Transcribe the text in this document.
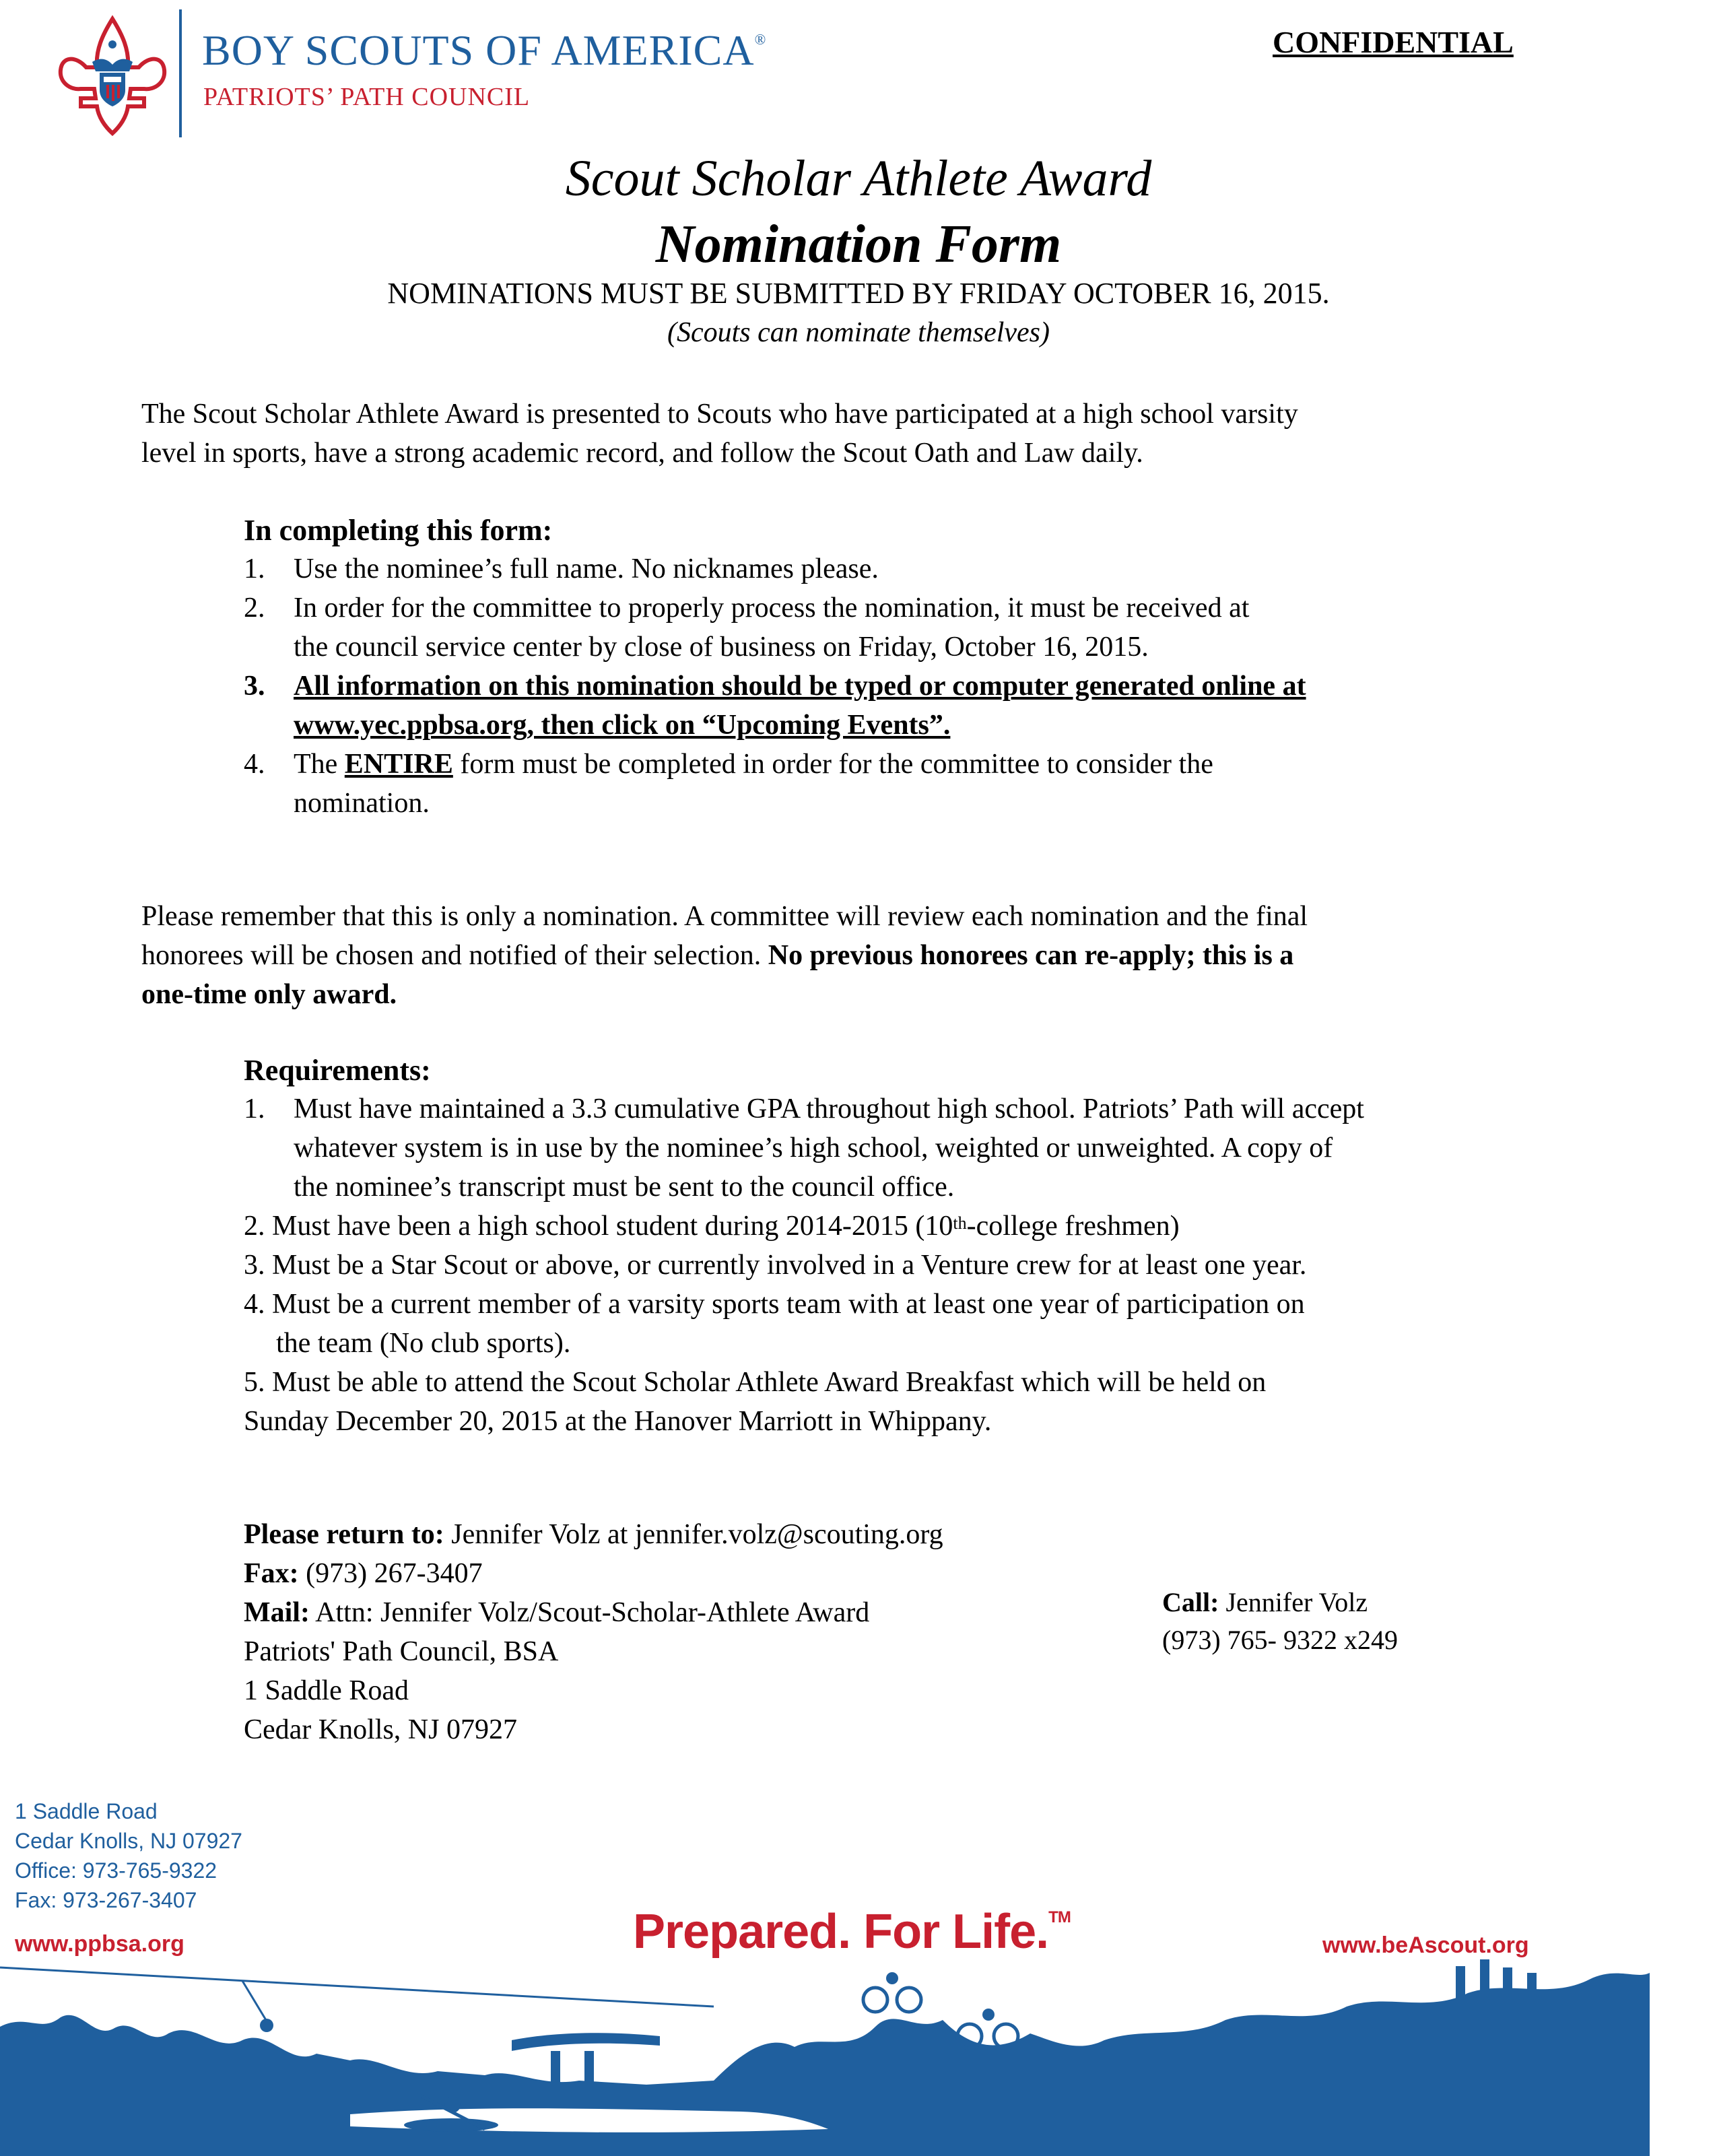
BOY SCOUTS OF AMERICA®
PATRIOTS’ PATH COUNCIL
CONFIDENTIAL
Scout Scholar Athlete Award
Nomination Form
NOMINATIONS MUST BE SUBMITTED BY FRIDAY OCTOBER 16, 2015.
(Scouts can nominate themselves)
The Scout Scholar Athlete Award is presented to Scouts who have participated at a high school varsity
level in sports, have a strong academic record, and follow the Scout Oath and Law daily.
In completing this form:
1.	Use the nominee’s full name. No nicknames please.
2.	In order for the committee to properly process the nomination, it must be received at
the council service center by close of business on Friday, October 16, 2015.
3.	All information on this nomination should be typed or computer generated online at
www.yec.ppbsa.org, then click on “Upcoming Events”.
4.	The ENTIRE form must be completed in order for the committee to consider the
nomination.
Please remember that this is only a nomination. A committee will review each nomination and the final
honorees will be chosen and notified of their selection. No previous honorees can re-apply; this is a
one-time only award.
Requirements:
1.	Must have maintained a 3.3 cumulative GPA throughout high school. Patriots’ Path will accept
whatever system is in use by the nominee’s high school, weighted or unweighted. A copy of
the nominee’s transcript must be sent to the council office.
2. Must have been a high school student during 2014-2015 (10th-college freshmen)
3. Must be a Star Scout or above, or currently involved in a Venture crew for at least one year.
4. Must be a current member of a varsity sports team with at least one year of participation on
the team (No club sports).
5. Must be able to attend the Scout Scholar Athlete Award Breakfast which will be held on
Sunday December 20, 2015 at the Hanover Marriott in Whippany.
Please return to: Jennifer Volz at jennifer.volz@scouting.org
Fax: (973) 267-3407
Mail: Attn: Jennifer Volz/Scout-Scholar-Athlete Award
Patriots' Path Council, BSA
1 Saddle Road
Cedar Knolls, NJ 07927
Call: Jennifer Volz
(973) 765- 9322 x249
1 Saddle Road
Cedar Knolls, NJ 07927
Office: 973-765-9322
Fax: 973-267-3407
www.ppbsa.org	Prepared. For Life.™
www.beAscout.org
